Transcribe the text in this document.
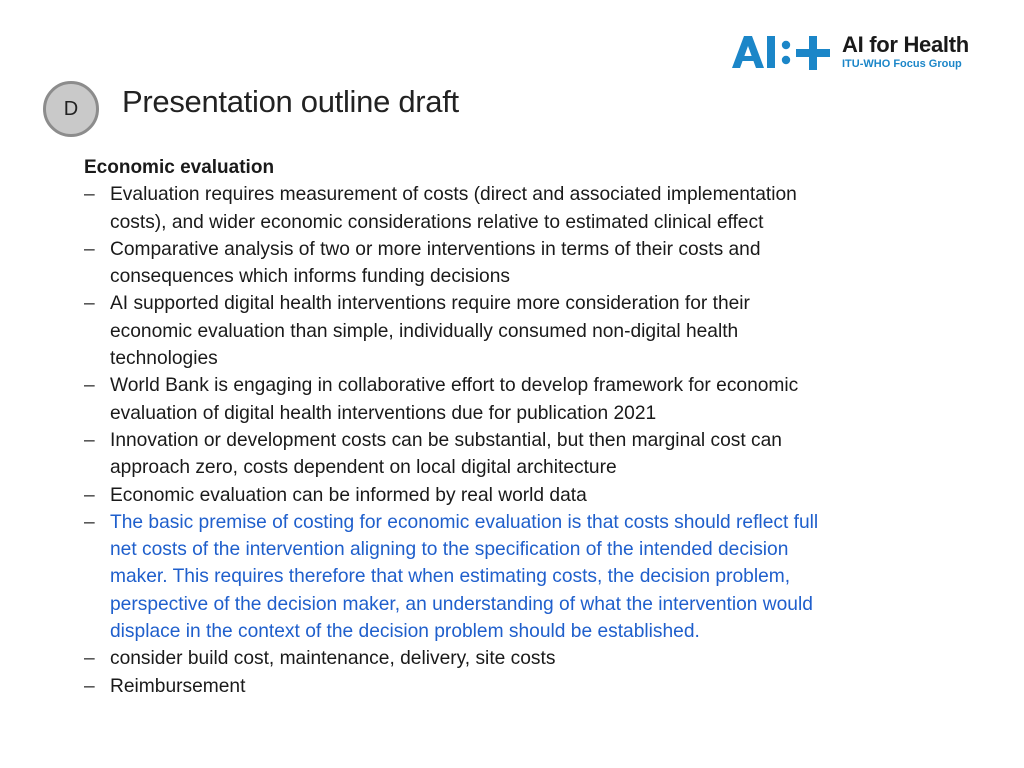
D Presentation outline draft
AI for Health
ITU-WHO Focus Group
Economic evaluation
– Evaluation requires measurement of costs (direct and associated implementation costs), and wider economic considerations relative to estimated clinical effect
– Comparative analysis of two or more interventions in terms of their costs and consequences which informs funding decisions
– AI supported digital health interventions require more consideration for their economic evaluation than simple, individually consumed non-digital health technologies
– World Bank is engaging in collaborative effort to develop framework for economic evaluation of digital health interventions due for publication 2021
– Innovation or development costs can be substantial, but then marginal cost can approach zero, costs dependent on local digital architecture
– Economic evaluation can be informed by real world data
– The basic premise of costing for economic evaluation is that costs should reflect full net costs of the intervention aligning to the specification of the intended decision maker. This requires therefore that when estimating costs, the decision problem, perspective of the decision maker, an understanding of what the intervention would displace in the context of the decision problem should be established.
– consider build cost, maintenance, delivery, site costs
– Reimbursement
